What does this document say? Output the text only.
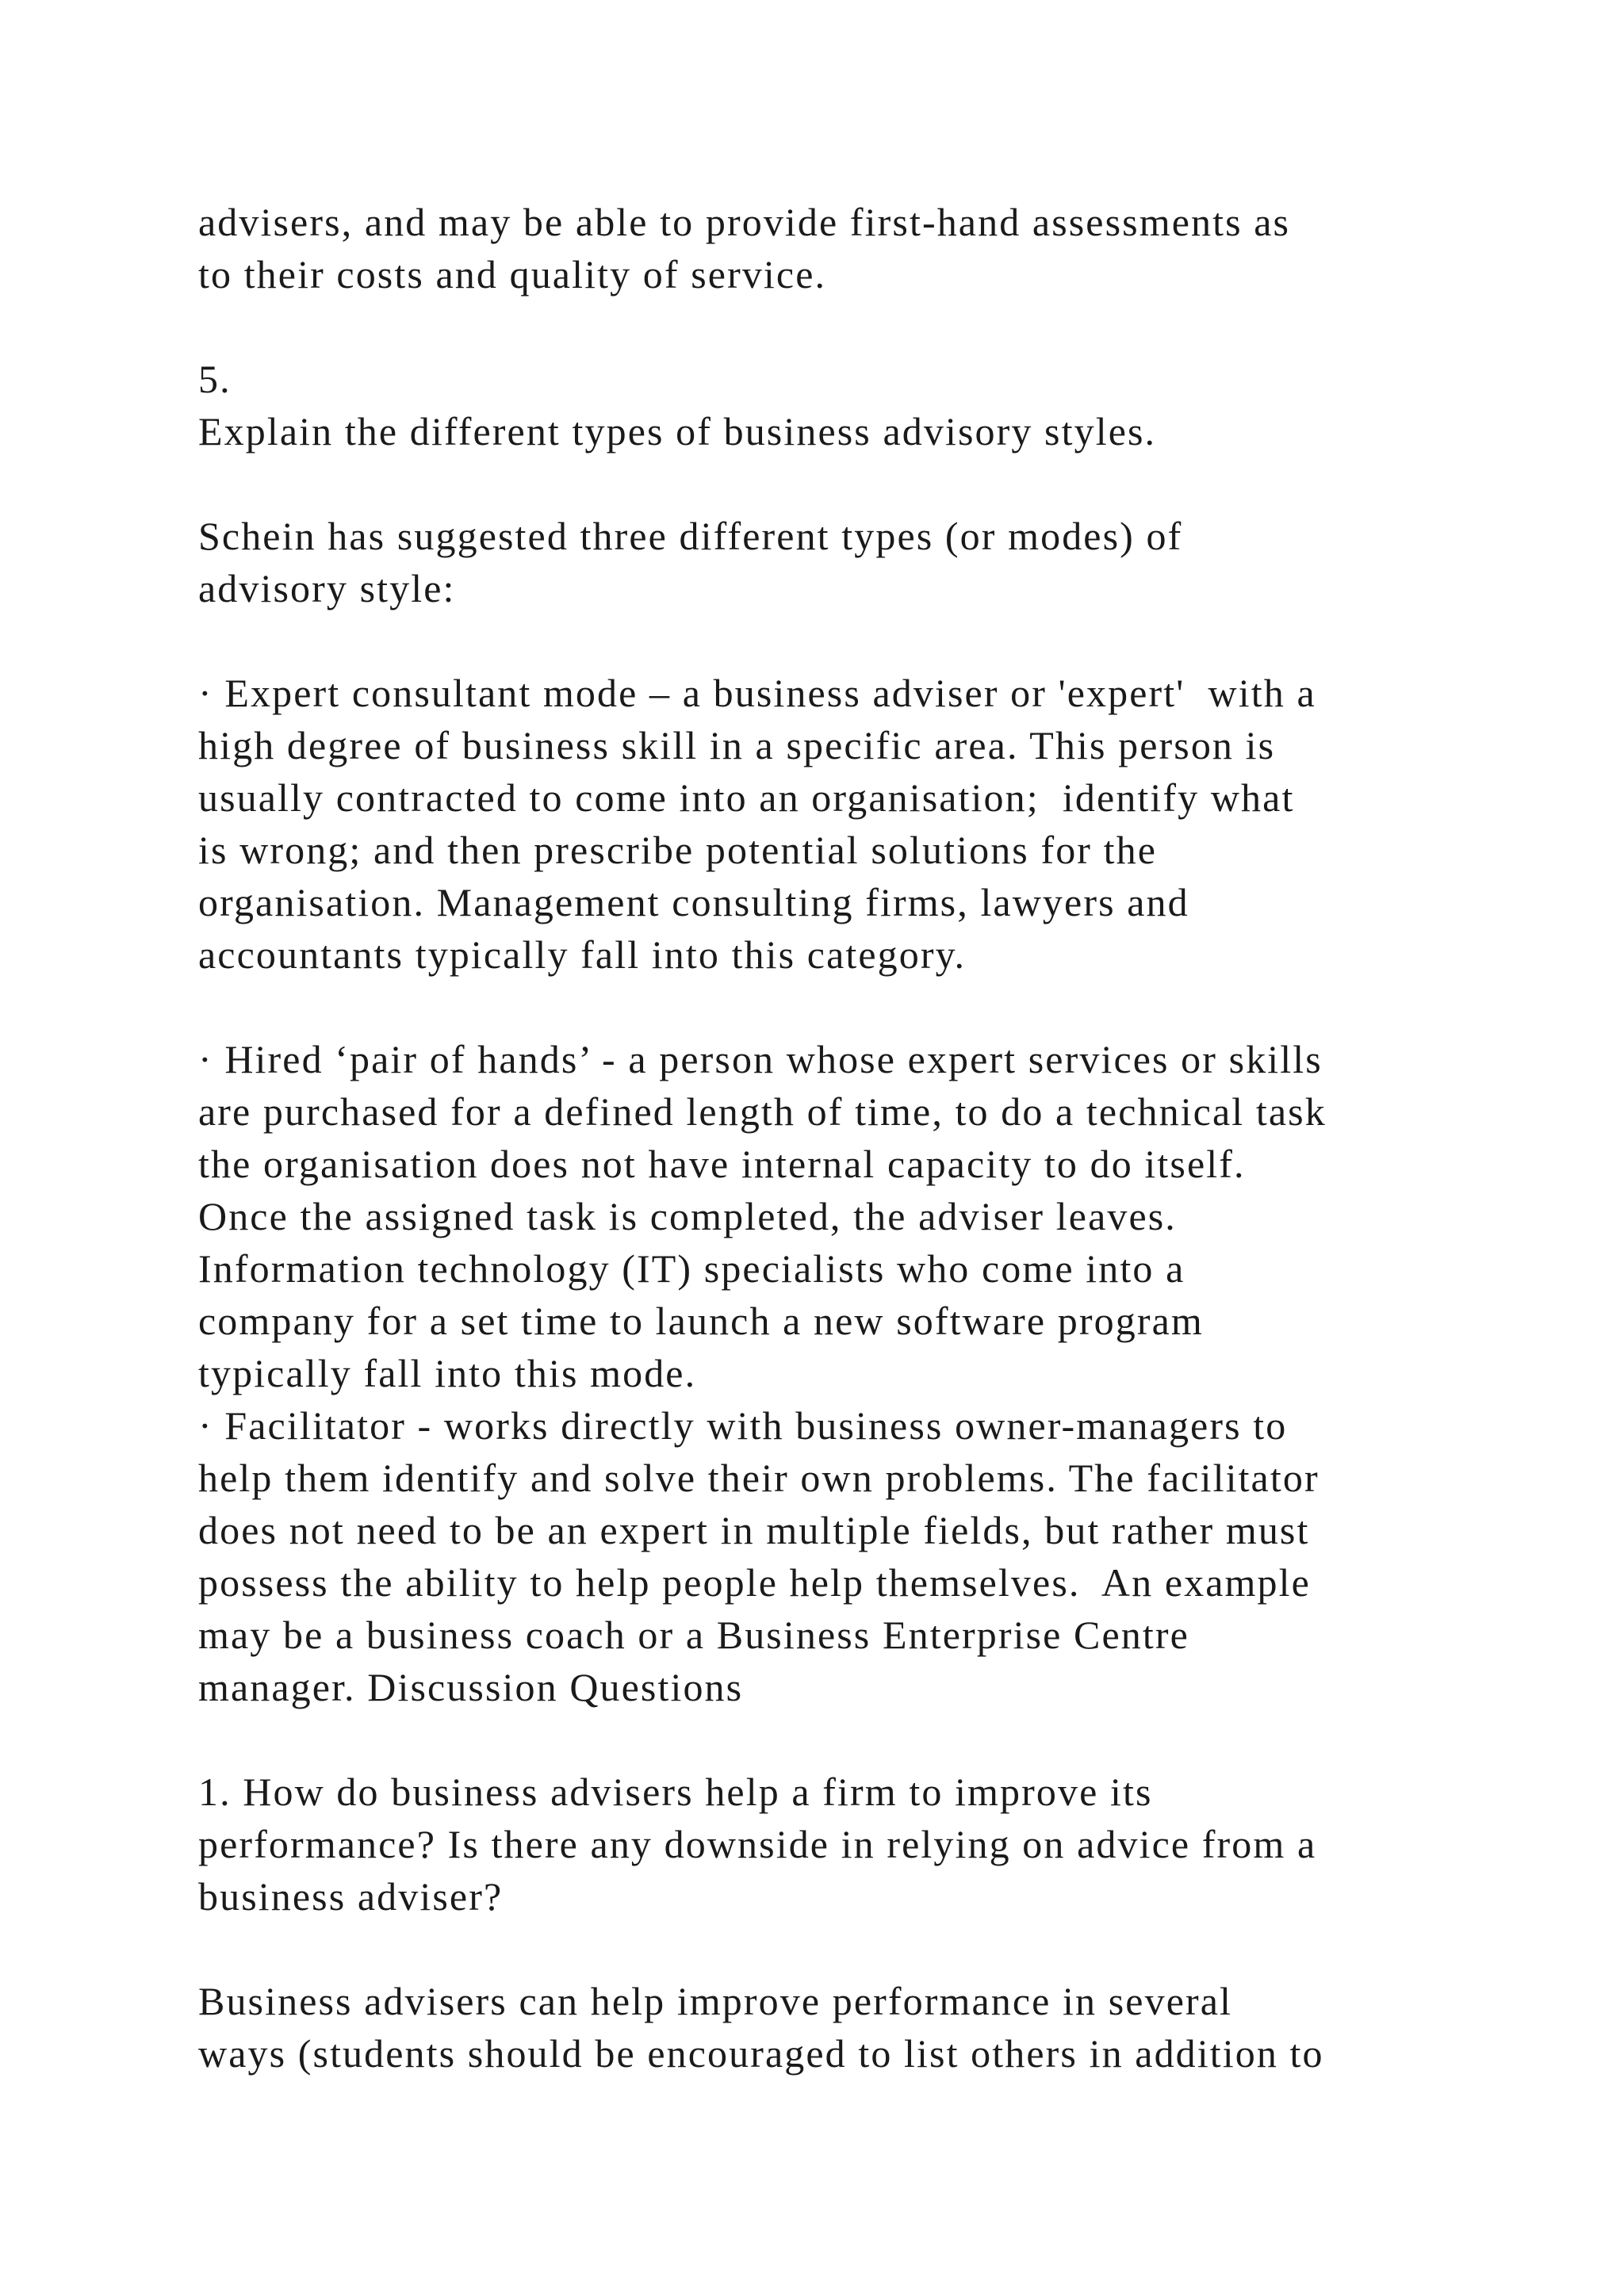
advisers, and may be able to provide first-hand assessments as
to their costs and quality of service.
5.
Explain the different types of business advisory styles.
Schein has suggested three different types (or modes) of
advisory style:
· Expert consultant mode – a business adviser or 'expert'  with a
high degree of business skill in a specific area. This person is
usually contracted to come into an organisation;  identify what
is wrong; and then prescribe potential solutions for the
organisation. Management consulting firms, lawyers and
accountants typically fall into this category.
· Hired ‘pair of hands’ - a person whose expert services or skills
are purchased for a defined length of time, to do a technical task
the organisation does not have internal capacity to do itself.
Once the assigned task is completed, the adviser leaves.
Information technology (IT) specialists who come into a
company for a set time to launch a new software program
typically fall into this mode.
· Facilitator - works directly with business owner-managers to
help them identify and solve their own problems. The facilitator
does not need to be an expert in multiple fields, but rather must
possess the ability to help people help themselves.  An example
may be a business coach or a Business Enterprise Centre
manager. Discussion Questions
1. How do business advisers help a firm to improve its
performance? Is there any downside in relying on advice from a
business adviser?
Business advisers can help improve performance in several
ways (students should be encouraged to list others in addition to
